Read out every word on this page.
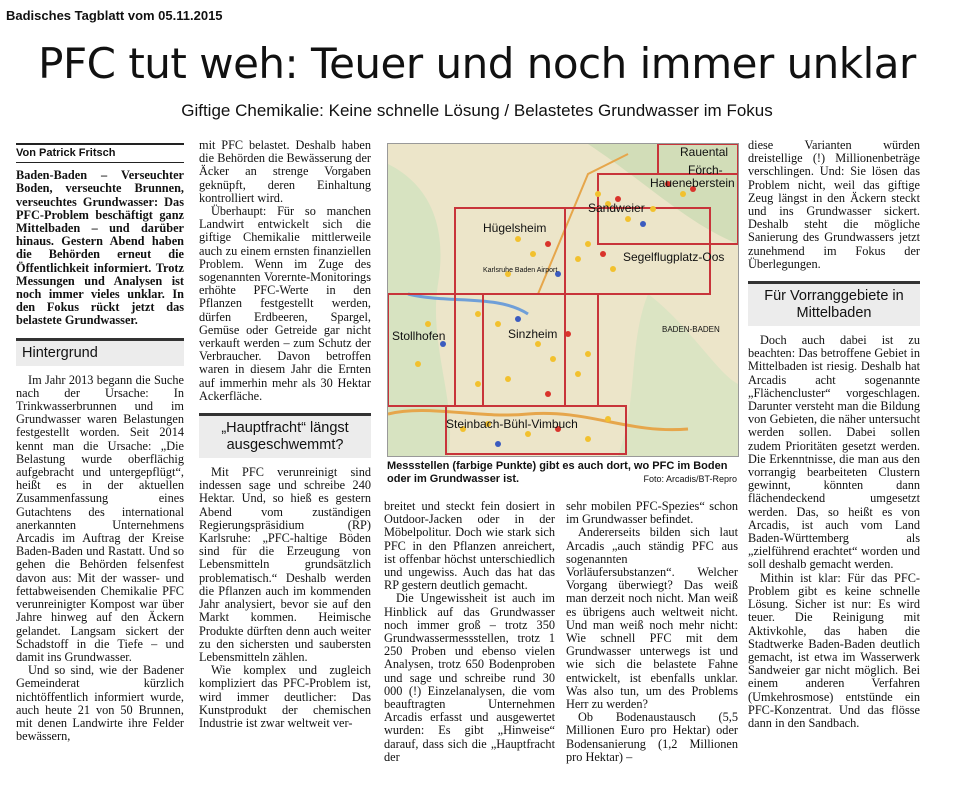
Badisches Tagblatt vom 05.11.2015
PFC tut weh: Teuer und noch immer unklar
Giftige Chemikalie: Keine schnelle Lösung / Belastetes Grundwasser im Fokus
Von Patrick Fritsch
Baden-Baden – Verseuchter Boden, verseuchte Brunnen, verseuchtes Grundwasser: Das PFC-Problem beschäftigt ganz Mittelbaden – und darüber hinaus. Gestern Abend haben die Behörden erneut die Öffentlichkeit informiert. Trotz Messungen und Analysen ist noch immer vieles unklar. In den Fokus rückt jetzt das belastete Grundwasser.
Hintergrund

Im Jahr 2013 begann die Suche nach der Ursache: In Trinkwasserbrunnen und im Grundwasser waren Belastungen festgestellt worden. Seit 2014 kennt man die Ursache: „Die Belastung wurde oberflächig aufgebracht und untergepflügt“, heißt es in der aktuellen Zusammenfassung eines Gutachtens des international anerkannten Unternehmens Arcadis im Auftrag der Kreise Baden-Baden und Rastatt. Und so gehen die Behörden felsenfest davon aus: Mit der wasser- und fettabweisenden Chemikalie PFC verunreinigter Kompost war über Jahre hinweg auf den Äckern gelandet. Langsam sickert der Schadstoff in die Tiefe – und damit ins Grundwasser.

Und so sind, wie der Badener Gemeinderat kürzlich nichtöffentlich informiert wurde, auch heute 21 von 50 Brunnen, mit denen Landwirte ihre Felder bewässern,

mit PFC belastet. Deshalb haben die Behörden die Bewässerung der Äcker an strenge Vorgaben geknüpft, deren Einhaltung kontrolliert wird.

Überhaupt: Für so manchen Landwirt entwickelt sich die giftige Chemikalie mittlerweile auch zu einem ernsten finanziellen Problem. Wenn im Zuge des sogenannten Vorernte-Monitorings erhöhte PFC-Werte in den Pflanzen festgestellt werden, dürfen Erdbeeren, Spargel, Gemüse oder Getreide gar nicht verkauft werden – zum Schutz der Verbraucher. Davon betroffen waren in diesem Jahr die Ernten auf immerhin mehr als 30 Hektar Ackerfläche.

„Hauptfracht“ längst ausgeschwemmt?

Mit PFC verunreinigt sind indessen sage und schreibe 240 Hektar. Und, so hieß es gestern Abend vom zuständigen Regierungspräsidium (RP) Karlsruhe: „PFC-haltige Böden sind für die Erzeugung von Lebensmitteln grundsätzlich problematisch.“ Deshalb werden die Pflanzen auch im kommenden Jahr analysiert, bevor sie auf den Markt kommen. Heimische Produkte dürften denn auch weiter zu den sichersten und saubersten Lebensmitteln zählen.

Wie komplex und zugleich kompliziert das PFC-Problem ist, wird immer deutlicher: Das Kunstprodukt der chemischen Industrie ist zwar weltweit ver-

Rauental
Förch-
Haueneberstein
Sandweier
Hügelsheim
Segelflugplatz-Oos
BADEN-BADEN
Karlsruhe Baden Airport
Stollhofen	Sinzheim
Steinbach-Bühl-Vimbuch
Messstellen (farbige Punkte) gibt es auch dort, wo PFC im Boden oder im Grundwasser ist.	Foto: Arcadis/BT-Repro

breitet und steckt fein dosiert in Outdoor-Jacken oder in der Möbelpolitur. Doch wie stark sich PFC in den Pflanzen anreichert, ist offenbar höchst unterschiedlich und ungewiss. Auch das hat das RP gestern deutlich gemacht.

Die Ungewissheit ist auch im Hinblick auf das Grundwasser noch immer groß – trotz 350 Grundwassermessstellen, trotz 1 250 Proben und ebenso vielen Analysen, trotz 650 Bodenproben und sage und schreibe rund 30 000 (!) Einzelanalysen, die vom beauftragten Unternehmen Arcadis erfasst und ausgewertet wurden: Es gibt „Hinweise“ darauf, dass sich die „Hauptfracht der

sehr mobilen PFC-Spezies“ schon im Grundwasser befindet.

Andererseits bilden sich laut Arcadis „auch ständig PFC aus sogenannten Vorläufersubstanzen“. Welcher Vorgang überwiegt? Das weiß man derzeit noch nicht. Man weiß es übrigens auch weltweit nicht. Und man weiß noch mehr nicht: Wie schnell PFC mit dem Grundwasser unterwegs ist und wie sich die belastete Fahne entwickelt, ist ebenfalls unklar. Was also tun, um des Problems Herr zu werden?

Ob Bodenaustausch (5,5 Millionen Euro pro Hektar) oder Bodensanierung (1,2 Millionen pro Hektar) –

diese Varianten würden dreistellige (!) Millionenbeträge verschlingen. Und: Sie lösen das Problem nicht, weil das giftige Zeug längst in den Äckern steckt und ins Grundwasser sickert. Deshalb steht die mögliche Sanierung des Grundwassers jetzt zunehmend im Fokus der Überlegungen.

Für Vorranggebiete in Mittelbaden

Doch auch dabei ist zu beachten: Das betroffene Gebiet in Mittelbaden ist riesig. Deshalb hat Arcadis acht sogenannte „Flächencluster“ vorgeschlagen. Darunter versteht man die Bildung von Gebieten, die näher untersucht werden sollen. Dabei sollen zudem Prioritäten gesetzt werden. Die Erkenntnisse, die man aus den vorrangig bearbeiteten Clustern gewinnt, könnten dann flächendeckend umgesetzt werden. Das, so heißt es von Arcadis, ist auch vom Land Baden-Württemberg als „zielführend erachtet“ worden und soll deshalb gemacht werden.

Mithin ist klar: Für das PFC-Problem gibt es keine schnelle Lösung. Sicher ist nur: Es wird teuer. Die Reinigung mit Aktivkohle, das haben die Stadtwerke Baden-Baden deutlich gemacht, ist etwa im Wasserwerk Sandweier gar nicht möglich. Bei einem anderen Verfahren (Umkehrosmose) entstünde ein PFC-Konzentrat. Und das flösse dann in den Sandbach.
